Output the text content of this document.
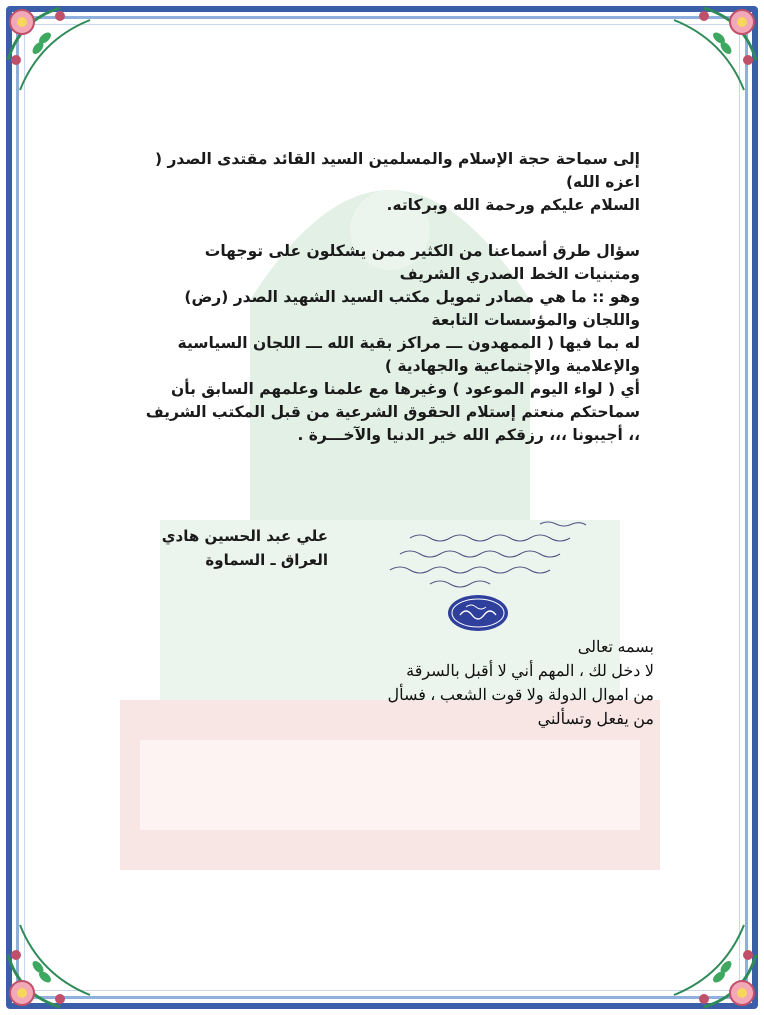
إلى سماحة حجة الإسلام والمسلمين السيد القائد مقتدى الصدر (
اعزه الله)
السلام عليكم ورحمة الله وبركاته.
سؤال طرق أسماعنا من الكثير ممن يشكلون على توجهات
ومتبنيات الخط الصدري الشريف
وهو :: ما هي مصادر تمويل مكتب السيد الشهيد الصدر (رض)
واللجان والمؤسسات التابعة
له بما فيها ( الممهدون ـــ مراكز بقية الله ـــ اللجان السياسية
والإعلامية والإجتماعية والجهادية )
أي ( لواء اليوم الموعود ) وغيرها مع علمنا وعلمهم السابق بأن
سماحتكم منعتم إستلام الحقوق الشرعية من قبل المكتب الشريف
،، أجيبونا ،،، رزقكم الله خير الدنيا والآخـــرة .
علي عبد الحسين هادي
العراق ـ السماوة
بسمه تعالى
لا دخل لك ، المهم أني لا أقبل بالسرقة
من اموال الدولة ولا قوت الشعب ، فسأل
من يفعل وتسألني
